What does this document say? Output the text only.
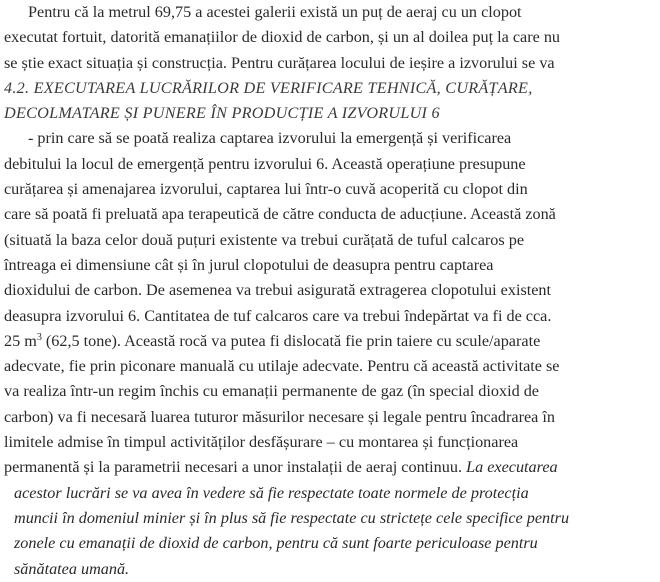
Pentru că la metrul 69,75 a acestei galerii există un puț de aeraj cu un clopot
executat fortuit, datorită emanațiilor de dioxid de carbon, și un al doilea puț la care nu
se știe exact situația și construcția. Pentru curățarea locului de ieșire a izvorului se va
4.2. EXECUTAREA LUCRĂRILOR DE VERIFICARE TEHNICĂ, CURĂȚARE,
DECOLMATARE ȘI PUNERE ÎN PRODUCȚIE A IZVORULUI 6
- prin care să se poată realiza captarea izvorului la emergență și verificarea
debitului la locul de emergență pentru izvorului 6. Această operațiune presupune
curățarea și amenajarea izvorului, captarea lui într-o cuvă acoperită cu clopot din
care să poată fi preluată apa terapeutică de către conducta de aducțiune. Această zonă
(situată la baza celor două puțuri existente va trebui curățată de tuful calcaros pe
întreaga ei dimensiune cât și în jurul clopotului de deasupra pentru captarea
dioxidului de carbon. De asemenea va trebui asigurată extragerea clopotului existent
deasupra izvorului 6. Cantitatea de tuf calcaros care va trebui îndepărtat va fi de cca.
25 $m^3$ (62,5 tone). Această rocă va putea fi dislocată fie prin taiere cu scule/aparate
adecvate, fie prin piconare manuală cu utilaje adecvate. Pentru că această activitate se
va realiza într-un regim închis cu emanații permanente de gaz (în special dioxid de
carbon) va fi necesară luarea tuturor măsurilor necesare și legale pentru încadrarea în
limitele admise în timpul activităților desfășurare – cu montarea și funcționarea
permanentă și la parametrii necesari a unor instalații de aeraj continuu. La executarea
acestor lucrări se va avea în vedere să fie respectate toate normele de protecția
muncii în domeniul minier și în plus să fie respectate cu strictețe cele specifice pentru
zonele cu emanații de dioxid de carbon, pentru că sunt foarte periculoase pentru
sănătatea umană.
